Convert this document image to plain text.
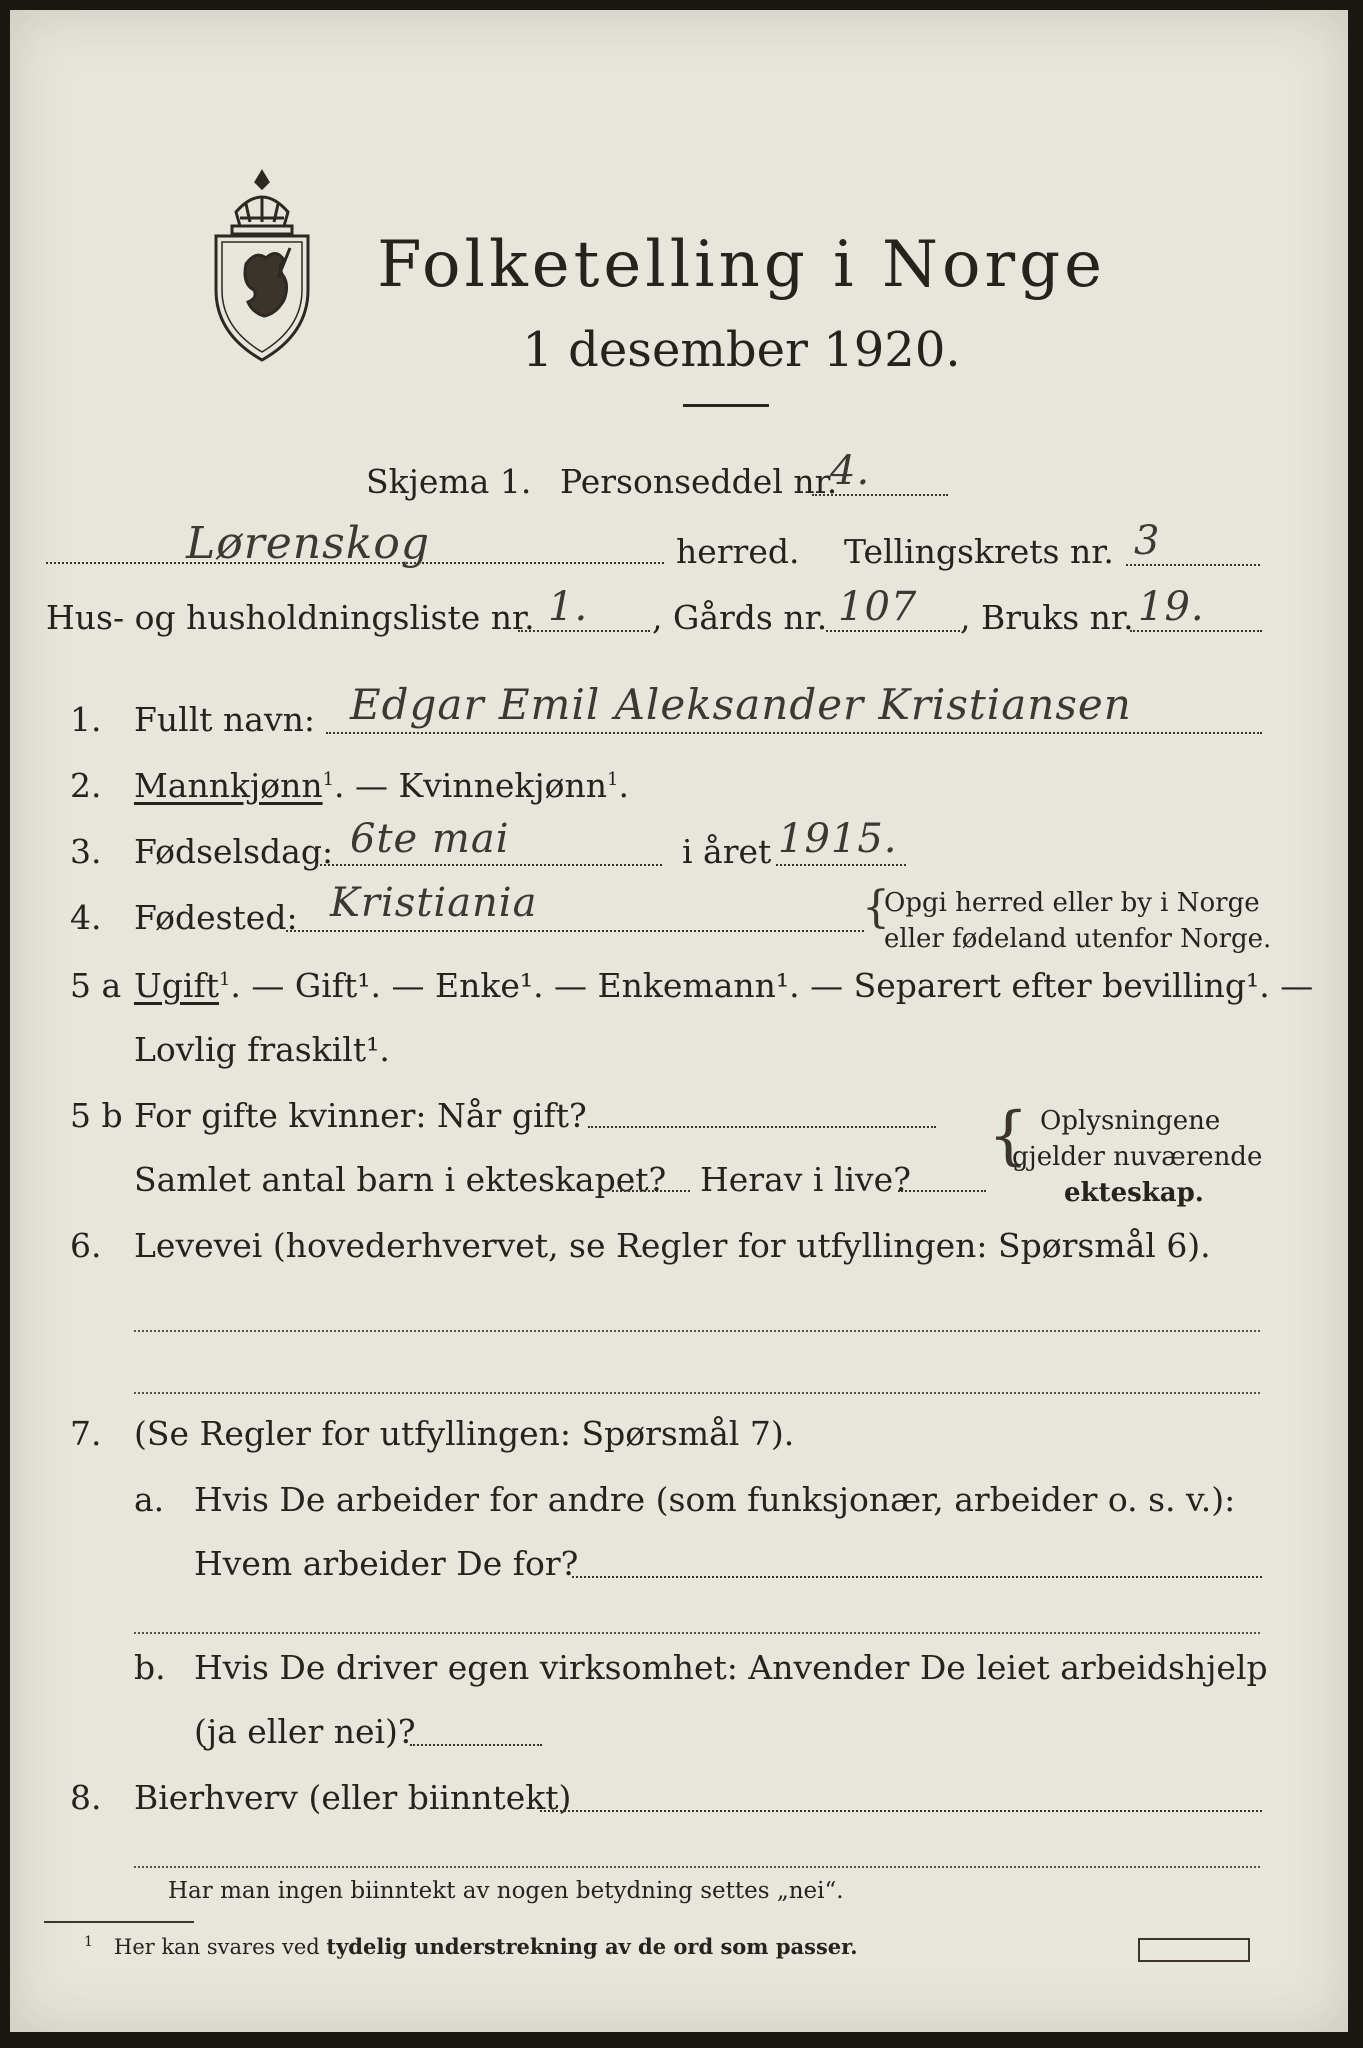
Folketelling i Norge
1 desember 1920.
Skjema 1. Personseddel nr.
4.
Lørenskog	herred. Tellingskrets nr. 3
Hus- og husholdningsliste nr. 1. , Gårds nr. 107 , Bruks nr. 19.
1. Fullt navn: Edgar Emil Aleksander Kristiansen
2. Mannkjønn$^1$. — Kvinnekjønn$^1$.
3. Fødselsdag: 6te mai	i året 1915.
4. Fødested: Kristiania	{
Opgi herred eller by i Norge
eller fødeland utenfor Norge.
5 a Ugift$^1$. — Gift¹. — Enke¹. — Enkemann¹. — Separert efter bevilling¹. —
Lovlig fraskilt¹.
5 b For gifte kvinner: Når gift?
Samlet antal barn i ekteskapet? Herav i live?
{ Oplysningene
gjelder nuværende
ekteskap.
6. Levevei (hovederhvervet, se Regler for utfyllingen: Spørsmål 6).
7. (Se Regler for utfyllingen: Spørsmål 7).
a. Hvis De arbeider for andre (som funksjonær, arbeider o. s. v.):
Hvem arbeider De for?
b. Hvis De driver egen virksomhet: Anvender De leiet arbeidshjelp
(ja eller nei)?
8. Bierhverv (eller biinntekt)
Har man ingen biinntekt av nogen betydning settes „nei“.
1 Her kan svares ved tydelig understrekning av de ord som passer.
